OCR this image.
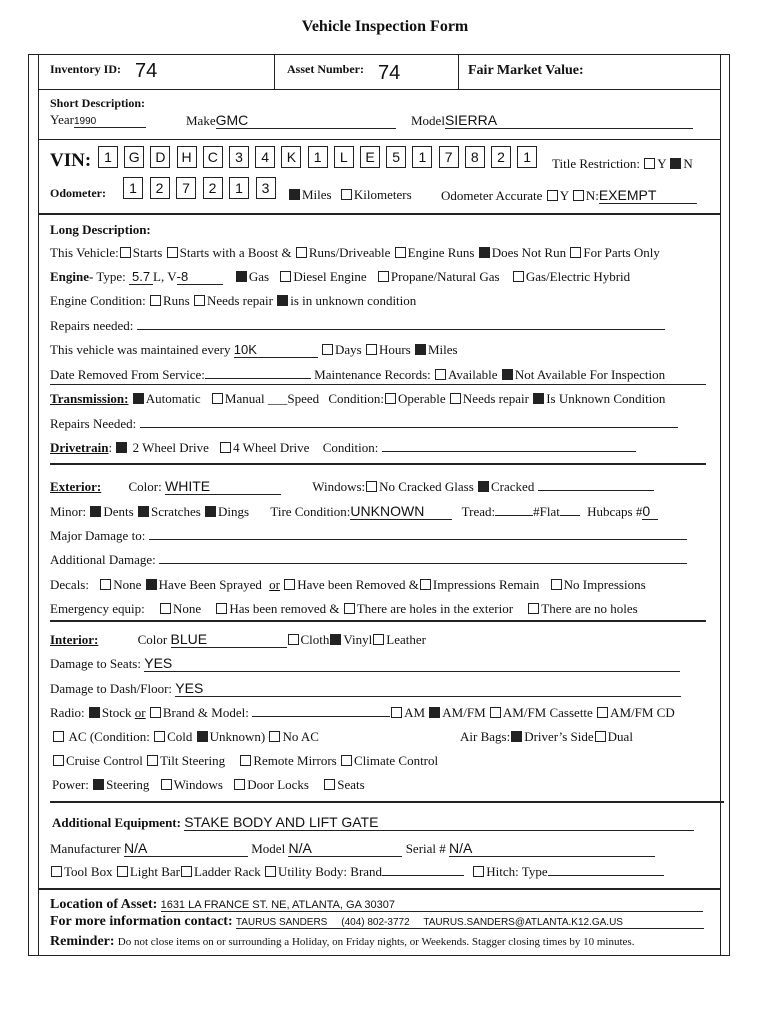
Vehicle Inspection Form
Inventory ID: 74	Asset Number: 74	Fair Market Value:
Short Description:
Year1990	MakeGMC	ModelSIERRA
VIN: 1	G	D	H	C	3	4	K	1	L	E	5	1	7	8	2	1	Title Restriction: Y N
Odometer:	1	2	7	2	1	3	Miles Kilometers Odometer Accurate Y N:EXEMPT
Long Description:
This Vehicle: Starts Starts with a Boost & Runs/Driveable Engine Runs Does Not Run For Parts Only
Engine- Type: 5.7 L, V-8	Gas Diesel Engine Propane/Natural Gas Gas/Electric Hybrid
Engine Condition: Runs Needs repair is in unknown condition
Repairs needed:
This vehicle was maintained every 10K	Days Hours Miles
Date Removed From Service:	Maintenance Records: Available Not Available For Inspection
Transmission: Automatic Manual ___Speed Condition: Operable Needs repair Is Unknown Condition
Repairs Needed:
Drivetrain:  2 Wheel Drive 4 Wheel Drive Condition:
Exterior: Color: WHITE	Windows: No Cracked Glass Cracked
Minor: Dents Scratches Dings Tire Condition:UNKNOWN	Tread:	#Flat Hubcaps #0
Major Damage to:
Additional Damage:
Decals: None Have Been Sprayed or Have been Removed & Impressions Remain No Impressions
Emergency equip: None Has been removed & There are holes in the exterior There are no holes
Interior:	Color BLUE	Cloth Vinyl Leather
Damage to Seats: YES
Damage to Dash/Floor: YES
Radio: Stock or Brand & Model:	AM AM/FM AM/FM Cassette AM/FM CD
AC (Condition: Cold Unknown) No AC	Air Bags: Driver’s Side Dual
Cruise Control Tilt Steering Remote Mirrors Climate Control
Power: Steering Windows Door Locks Seats
Additional Equipment: STAKE BODY AND LIFT GATE
Manufacturer N/A	Model N/A	Serial # N/A
Tool Box Light Bar Ladder Rack Utility Body: Brand	Hitch: Type
Location of Asset: 1631 LA FRANCE ST. NE, ATLANTA, GA 30307
For more information contact: TAURUS SANDERS     (404) 802-3772     TAURUS.SANDERS@ATLANTA.K12.GA.US
Reminder: Do not close items on or surrounding a Holiday, on Friday nights, or Weekends. Stagger closing times by 10 minutes.
